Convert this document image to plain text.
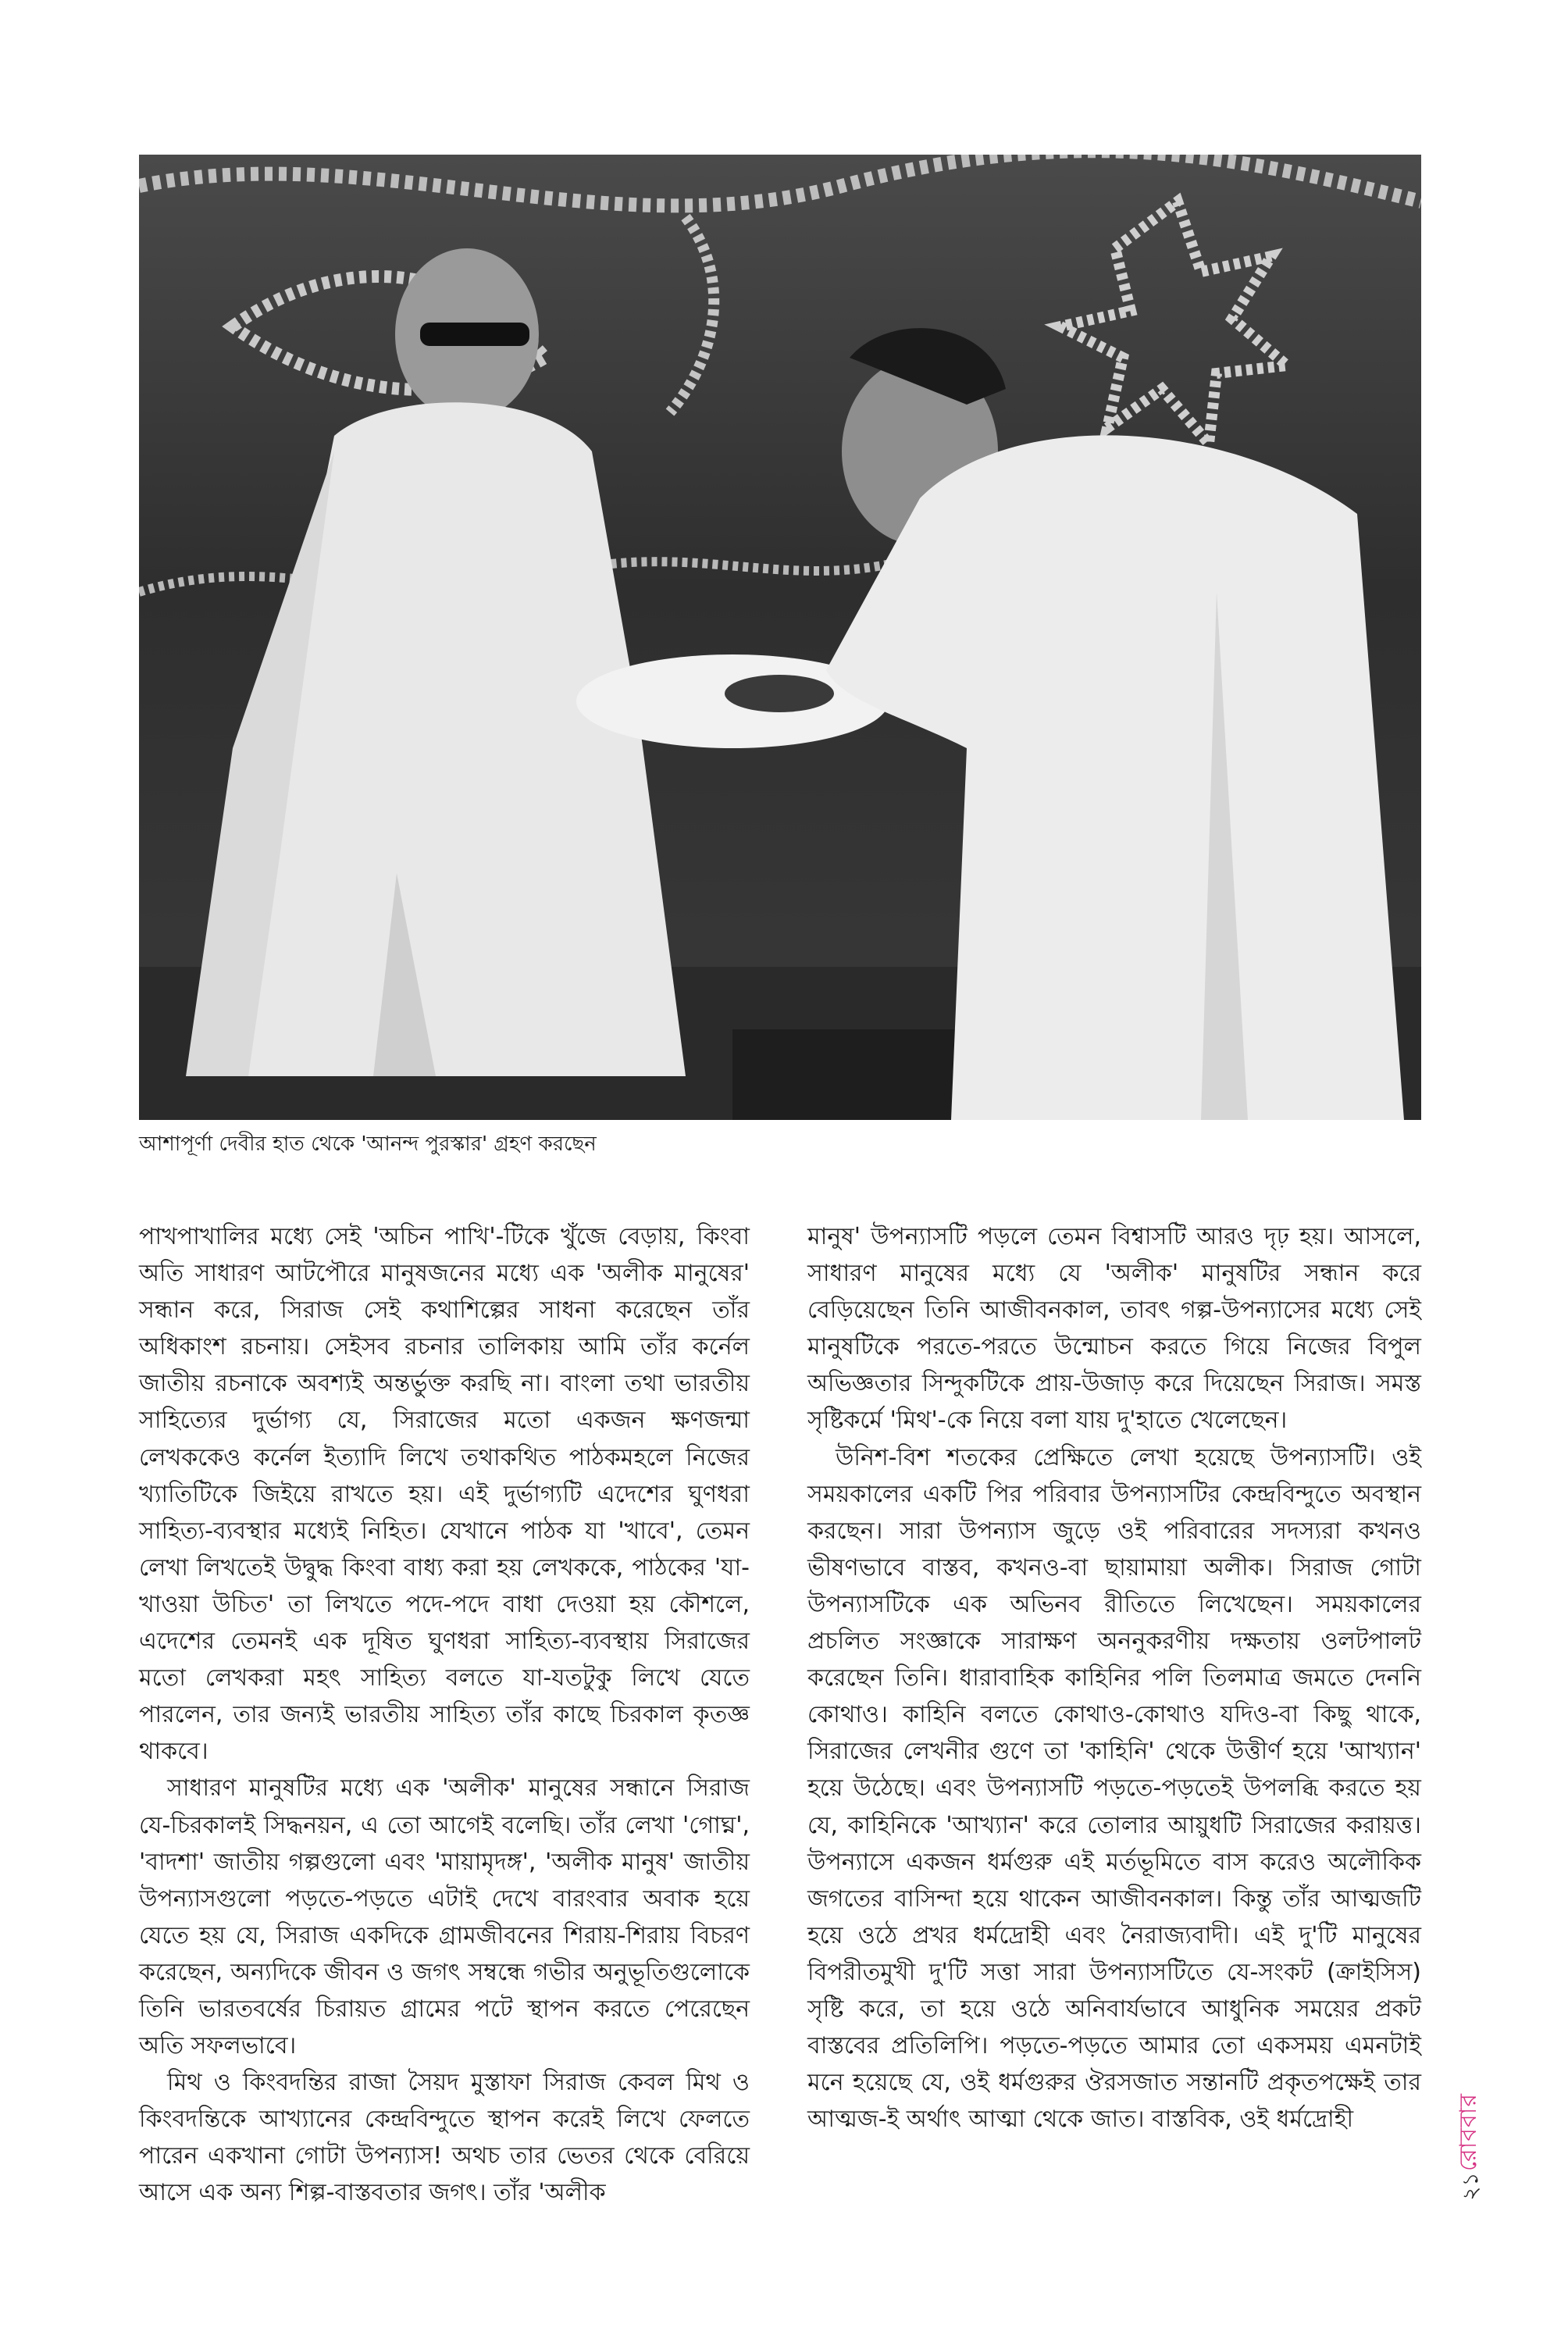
আশাপূর্ণা দেবীর হাত থেকে 'আনন্দ পুরস্কার' গ্রহণ করছেন

পাখপাখালির মধ্যে সেই 'অচিন পাখি'-টিকে খুঁজে বেড়ায়, কিংবা অতি সাধারণ আটপৌরে মানুষজনের মধ্যে এক 'অলীক মানুষের' সন্ধান করে, সিরাজ সেই কথাশিল্পের সাধনা করেছেন তাঁর অধিকাংশ রচনায়। সেইসব রচনার তালিকায় আমি তাঁর কর্নেল জাতীয় রচনাকে অবশ্যই অন্তর্ভুক্ত করছি না। বাংলা তথা ভারতীয় সাহিত্যের দুর্ভাগ্য যে, সিরাজের মতো একজন ক্ষণজন্মা লেখককেও কর্নেল ইত্যাদি লিখে তথাকথিত পাঠকমহলে নিজের খ্যাতিটিকে জিইয়ে রাখতে হয়। এই দুর্ভাগ্যটি এদেশের ঘুণধরা সাহিত্য-ব্যবস্থার মধ্যেই নিহিত। যেখানে পাঠক যা 'খাবে', তেমন লেখা লিখতেই উদ্বুদ্ধ কিংবা বাধ্য করা হয় লেখককে, পাঠকের 'যা-খাওয়া উচিত' তা লিখতে পদে-পদে বাধা দেওয়া হয় কৌশলে, এদেশের তেমনই এক দূষিত ঘুণধরা সাহিত্য-ব্যবস্থায় সিরাজের মতো লেখকরা মহৎ সাহিত্য বলতে যা-যতটুকু লিখে যেতে পারলেন, তার জন্যই ভারতীয় সাহিত্য তাঁর কাছে চিরকাল কৃতজ্ঞ থাকবে।

সাধারণ মানুষটির মধ্যে এক 'অলীক' মানুষের সন্ধানে সিরাজ যে-চিরকালই সিদ্ধনয়ন, এ তো আগেই বলেছি। তাঁর লেখা 'গোঘ্ন', 'বাদশা' জাতীয় গল্পগুলো এবং 'মায়ামৃদঙ্গ', 'অলীক মানুষ' জাতীয় উপন্যাসগুলো পড়তে-পড়তে এটাই দেখে বারংবার অবাক হয়ে যেতে হয় যে, সিরাজ একদিকে গ্রামজীবনের শিরায়-শিরায় বিচরণ করেছেন, অন্যদিকে জীবন ও জগৎ সম্বন্ধে গভীর অনুভূতিগুলোকে তিনি ভারতবর্ষের চিরায়ত গ্রামের পটে স্থাপন করতে পেরেছেন অতি সফলভাবে।

মিথ ও কিংবদন্তির রাজা সৈয়দ মুস্তাফা সিরাজ কেবল মিথ ও কিংবদন্তিকে আখ্যানের কেন্দ্রবিন্দুতে স্থাপন করেই লিখে ফেলতে পারেন একখানা গোটা উপন্যাস! অথচ তার ভেতর থেকে বেরিয়ে আসে এক অন্য শিল্প-বাস্তবতার জগৎ। তাঁর 'অলীক

মানুষ' উপন্যাসটি পড়লে তেমন বিশ্বাসটি আরও দৃঢ় হয়। আসলে, সাধারণ মানুষের মধ্যে যে 'অলীক' মানুষটির সন্ধান করে বেড়িয়েছেন তিনি আজীবনকাল, তাবৎ গল্প-উপন্যাসের মধ্যে সেই মানুষটিকে পরতে-পরতে উন্মোচন করতে গিয়ে নিজের বিপুল অভিজ্ঞতার সিন্দুকটিকে প্রায়-উজাড় করে দিয়েছেন সিরাজ। সমস্ত সৃষ্টিকর্মে 'মিথ'-কে নিয়ে বলা যায় দু'হাতে খেলেছেন।

উনিশ-বিশ শতকের প্রেক্ষিতে লেখা হয়েছে উপন্যাসটি। ওই সময়কালের একটি পির পরিবার উপন্যাসটির কেন্দ্রবিন্দুতে অবস্থান করছেন। সারা উপন্যাস জুড়ে ওই পরিবারের সদস্যরা কখনও ভীষণভাবে বাস্তব, কখনও-বা ছায়ামায়া অলীক। সিরাজ গোটা উপন্যাসটিকে এক অভিনব রীতিতে লিখেছেন। সময়কালের প্রচলিত সংজ্ঞাকে সারাক্ষণ অননুকরণীয় দক্ষতায় ওলটপালট করেছেন তিনি। ধারাবাহিক কাহিনির পলি তিলমাত্র জমতে দেননি কোথাও। কাহিনি বলতে কোথাও-কোথাও যদিও-বা কিছু থাকে, সিরাজের লেখনীর গুণে তা 'কাহিনি' থেকে উত্তীর্ণ হয়ে 'আখ্যান' হয়ে উঠেছে। এবং উপন্যাসটি পড়তে-পড়তেই উপলব্ধি করতে হয় যে, কাহিনিকে 'আখ্যান' করে তোলার আয়ুধটি সিরাজের করায়ত্ত। উপন্যাসে একজন ধর্মগুরু এই মর্তভূমিতে বাস করেও অলৌকিক জগতের বাসিন্দা হয়ে থাকেন আজীবনকাল। কিন্তু তাঁর আত্মজটি হয়ে ওঠে প্রখর ধর্মদ্রোহী এবং নৈরাজ্যবাদী। এই দু'টি মানুষের বিপরীতমুখী দু'টি সত্তা সারা উপন্যাসটিতে যে-সংকট (ক্রাইসিস) সৃষ্টি করে, তা হয়ে ওঠে অনিবার্যভাবে আধুনিক সময়ের প্রকট বাস্তবের প্রতিলিপি। পড়তে-পড়তে আমার তো একসময় এমনটাই মনে হয়েছে যে, ওই ধর্মগুরুর ঔরসজাত সন্তানটি প্রকৃতপক্ষেই তার আত্মজ-ই অর্থাৎ আত্মা থেকে জাত। বাস্তবিক, ওই ধর্মদ্রোহী	রোববার
২১
